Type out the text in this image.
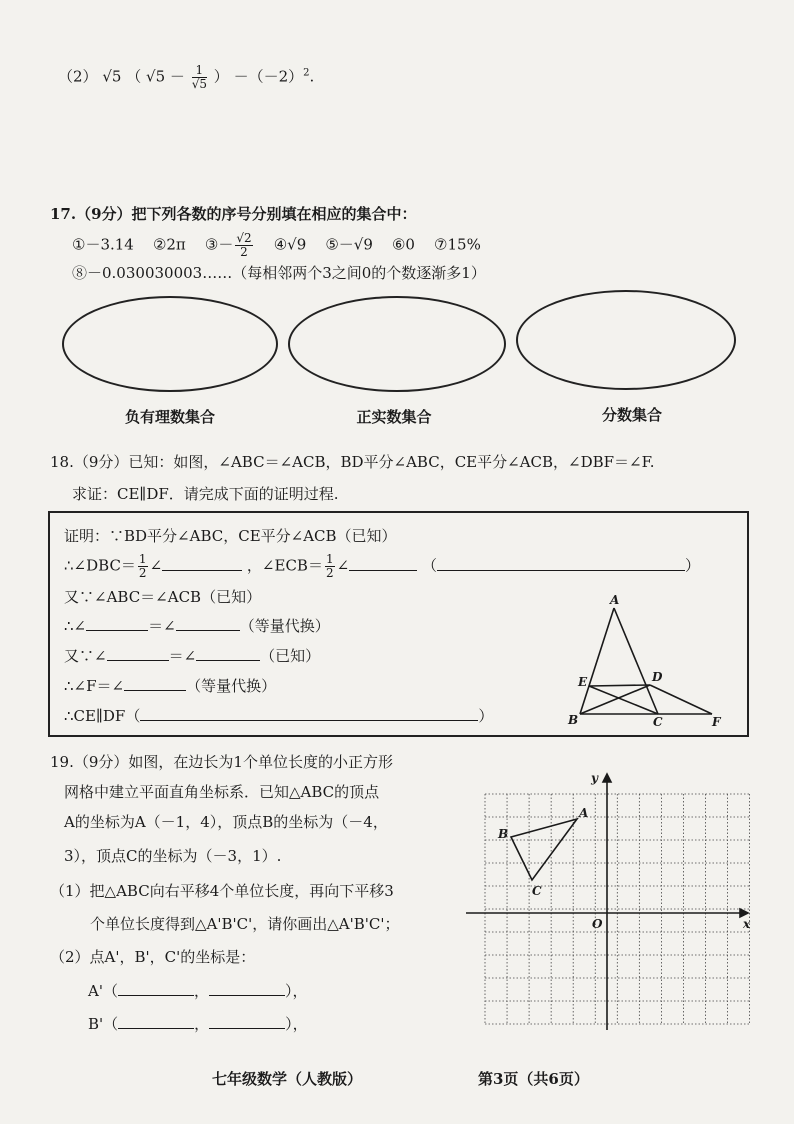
（2） √5 （ $√5 - \frac{1}{√5}$ ） $-(-2)^2$.
17.（9分）把下列各数的序号分别填在相应的集合中：
①－3.14 ②2π ③－ $\frac{√2}{2}$ ④√9 ⑤－√9 ⑥0 ⑦15%
⑧－0.030030003……（每相邻两个3之间0的个数逐渐多1）
负有理数集合	正实数集合	分数集合
18.（9分）已知：如图，∠ABC＝∠ACB，BD平分∠ABC，CE平分∠ACB，∠DBF＝∠F.
求证：CE∥DF．请完成下面的证明过程.
证明：∵BD平分∠ABC，CE平分∠ACB（已知）
∴∠DBC＝ $\frac{1}{2}$ ∠	，∠ECB＝ $\frac{1}{2}$ ∠	（	）
又∵∠ABC＝∠ACB（已知）
∴∠	＝∠	（等量代换）
又∵∠	＝∠	（已知）
∴∠F＝∠	（等量代换）
∴CE∥DF（	）
A
B	C
D
E
F
19.（9分）如图，在边长为1个单位长度的小正方形
网格中建立平面直角坐标系．已知△ABC的顶点
A的坐标为A（－1，4），顶点B的坐标为（－4，
3），顶点C的坐标为（－3，1）.
（1）把△ABC向右平移4个单位长度，再向下平移3
个单位长度得到△A'B'C'，请你画出△A'B'C'；
（2）点A'，B'，C'的坐标是：
A'（	，	），
B'（	，	），
x
y
O
A
B
C
七年级数学（人教版）	第3页（共6页）
